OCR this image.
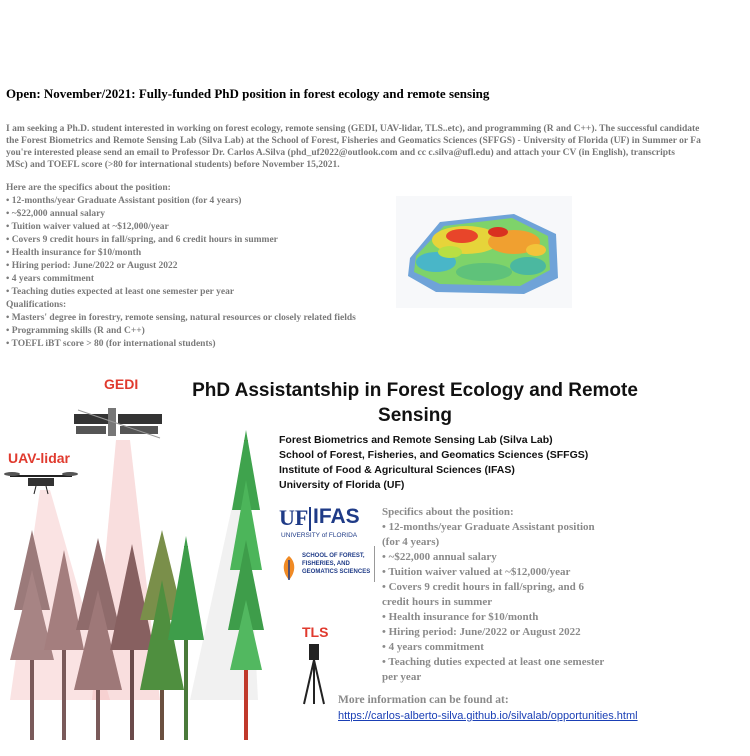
Open: November/2021: Fully-funded PhD position in forest ecology and remote sensing
I am seeking a Ph.D. student interested in working on forest ecology, remote sensing (GEDI, UAV-lidar, TLS..etc), and programming (R and C++). The successful candidate
the Forest Biometrics and Remote Sensing Lab (Silva Lab) at the School of Forest, Fisheries and Geomatics Sciences (SFFGS) - University of Florida (UF) in Summer or Fa
you're interested please send an email to Professor Dr. Carlos A.Silva (phd_uf2022@outlook.com and cc c.silva@ufl.edu) and attach your CV (in English), transcripts
MSc) and TOEFL score (>80 for international students) before November 15,2021.
Here are the specifics about the position:
• 12-months/year Graduate Assistant position (for 4 years)
• ~$22,000 annual salary
• Tuition waiver valued at ~$12,000/year
• Covers 9 credit hours in fall/spring, and 6 credit hours in summer
• Health insurance for $10/month
• Hiring period: June/2022 or August 2022
• 4 years commitment
• Teaching duties expected at least one semester per year
Qualifications:
• Masters' degree in forestry, remote sensing, natural resources or closely related fields
• Programming skills (R and C++)
• TOEFL iBT score > 80 (for international students)
PhD Assistantship in Forest Ecology and Remote
Sensing
Forest Biometrics and Remote Sensing Lab (Silva Lab)
School of Forest, Fisheries, and Geomatics Sciences (SFFGS)
Institute of Food & Agricultural Sciences (IFAS)
University of Florida (UF)
GEDI
UAV-lidar
TLS
UF IFAS
UNIVERSITY of FLORIDA
SCHOOL OF FOREST,
FISHERIES, AND
GEOMATICS SCIENCES
Specifics about the position:
• 12-months/year Graduate Assistant position
(for 4 years)
• ~$22,000 annual salary
• Tuition waiver valued at ~$12,000/year
• Covers 9 credit hours in fall/spring, and 6
credit hours in summer
• Health insurance for $10/month
• Hiring period: June/2022 or August 2022
• 4 years commitment
• Teaching duties expected at least one semester
per year
More information can be found at:
https://carlos-alberto-silva.github.io/silvalab/opportunities.html
